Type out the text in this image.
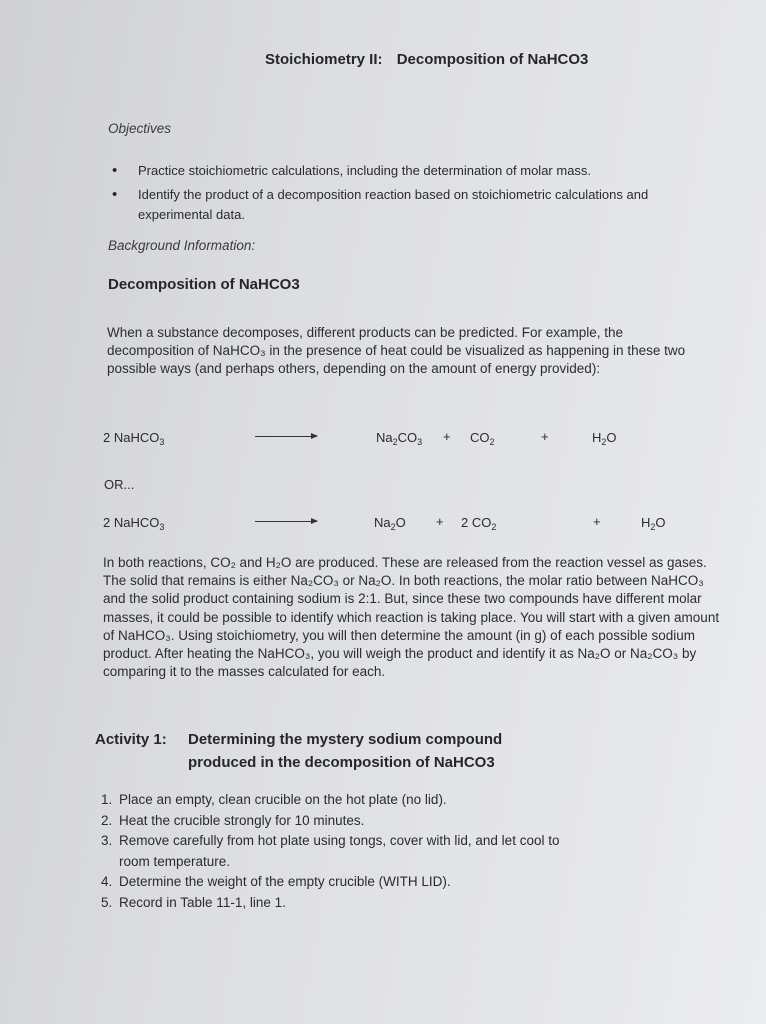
Stoichiometry II: Decomposition of NaHCO3
Objectives
• Practice stoichiometric calculations, including the determination of molar mass.
• Identify the product of a decomposition reaction based on stoichiometric calculations and experimental data.
Background Information:
Decomposition of NaHCO3
When a substance decomposes, different products can be predicted. For example, the decomposition of NaHCO₃ in the presence of heat could be visualized as happening in these two possible ways (and perhaps others, depending on the amount of energy provided):
2 NaHCO$_3$	$Na_2CO_3 + CO_2$	+	$H_2O$
OR...
2 NaHCO$_3$	$Na_2O + 2$ $CO_2$	+	$H_2O$
In both reactions, CO₂ and H₂O are produced. These are released from the reaction vessel as gases. The solid that remains is either Na₂CO₃ or Na₂O. In both reactions, the molar ratio between NaHCO₃ and the solid product containing sodium is 2:1. But, since these two compounds have different molar masses, it could be possible to identify which reaction is taking place. You will start with a given amount of NaHCO₃. Using stoichiometry, you will then determine the amount (in g) of each possible sodium product. After heating the NaHCO₃, you will weigh the product and identify it as Na₂O or Na₂CO₃ by comparing it to the masses calculated for each.
Activity 1: Determining the mystery sodium compound
produced in the decomposition of NaHCO3
1. Place an empty, clean crucible on the hot plate (no lid).
2. Heat the crucible strongly for 10 minutes.
3. Remove carefully from hot plate using tongs, cover with lid, and let cool to room temperature.
4. Determine the weight of the empty crucible (WITH LID).
5. Record in Table 11-1, line 1.
